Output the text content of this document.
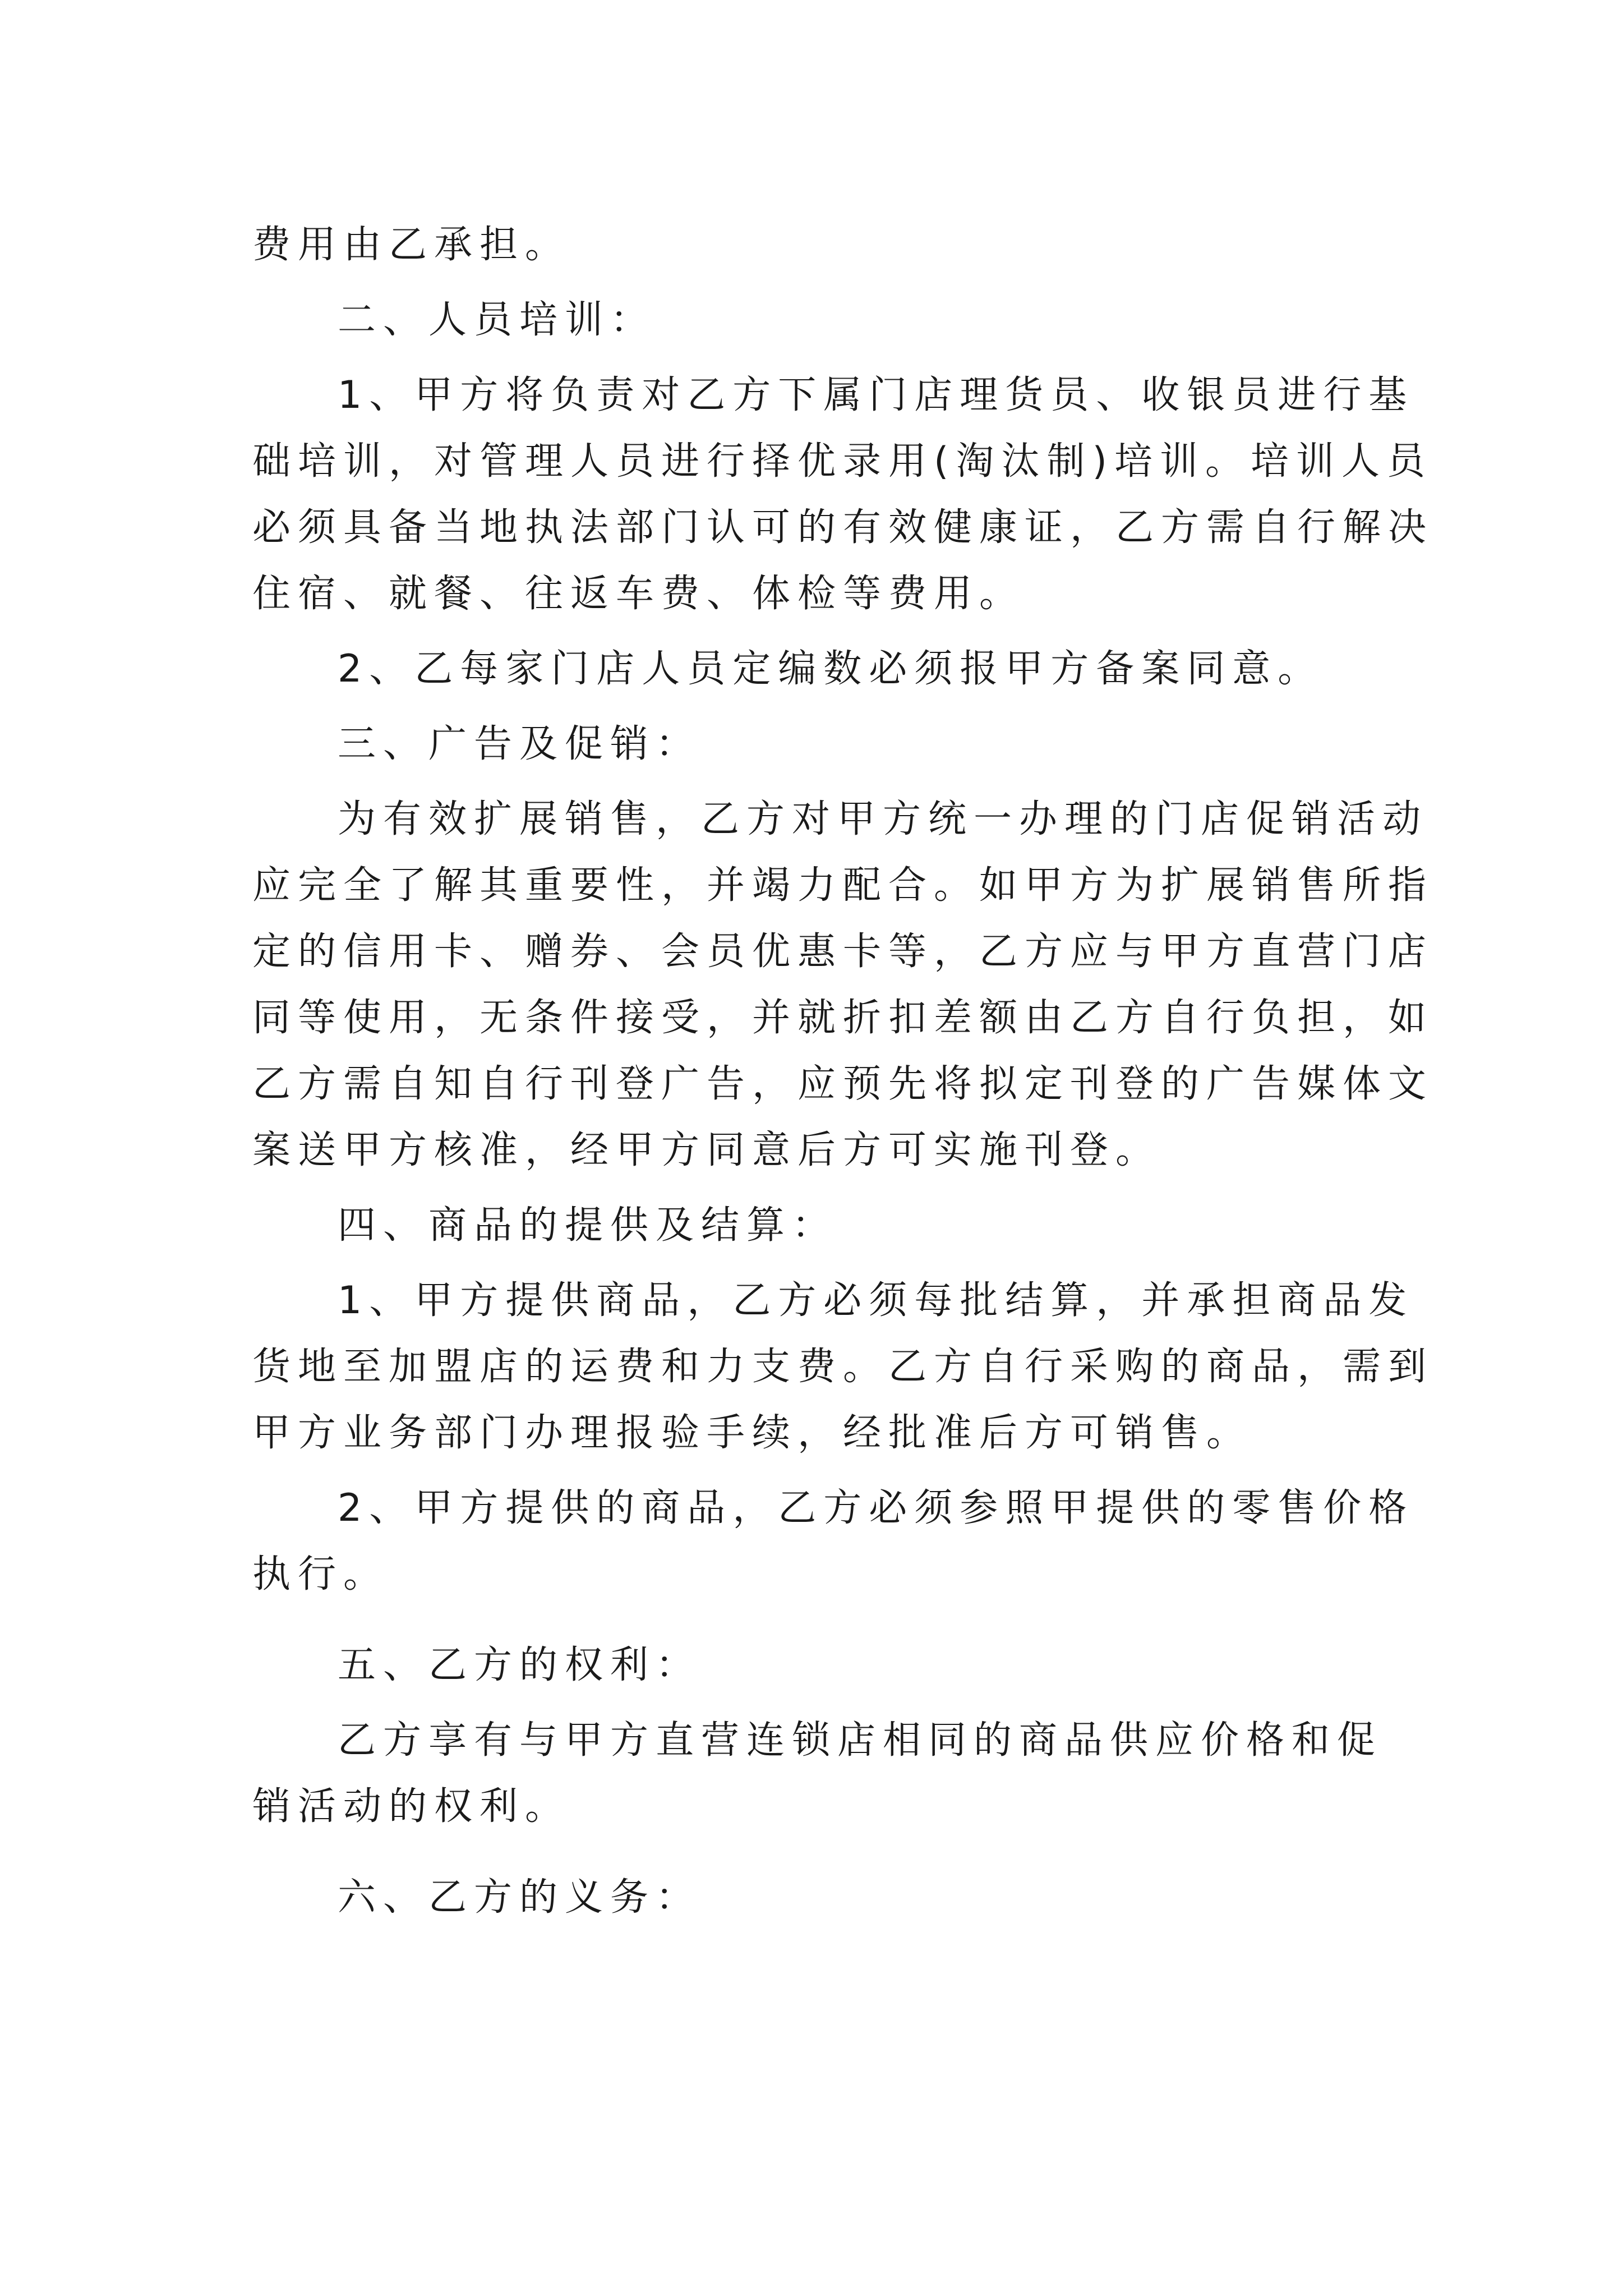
费用由乙承担。
二、人员培训：
1、甲方将负责对乙方下属门店理货员、收银员进行基
础培训，对管理人员进行择优录用(淘汰制)培训。培训人员
必须具备当地执法部门认可的有效健康证，乙方需自行解决
住宿、就餐、往返车费、体检等费用。
2、乙每家门店人员定编数必须报甲方备案同意。
三、广告及促销：
为有效扩展销售，乙方对甲方统一办理的门店促销活动
应完全了解其重要性，并竭力配合。如甲方为扩展销售所指
定的信用卡、赠券、会员优惠卡等，乙方应与甲方直营门店
同等使用，无条件接受，并就折扣差额由乙方自行负担，如
乙方需自知自行刊登广告，应预先将拟定刊登的广告媒体文
案送甲方核准，经甲方同意后方可实施刊登。
四、商品的提供及结算：
1、甲方提供商品，乙方必须每批结算，并承担商品发
货地至加盟店的运费和力支费。乙方自行采购的商品，需到
甲方业务部门办理报验手续，经批准后方可销售。
2、甲方提供的商品，乙方必须参照甲提供的零售价格
执行。
五、乙方的权利：
乙方享有与甲方直营连锁店相同的商品供应价格和促
销活动的权利。
六、乙方的义务：
